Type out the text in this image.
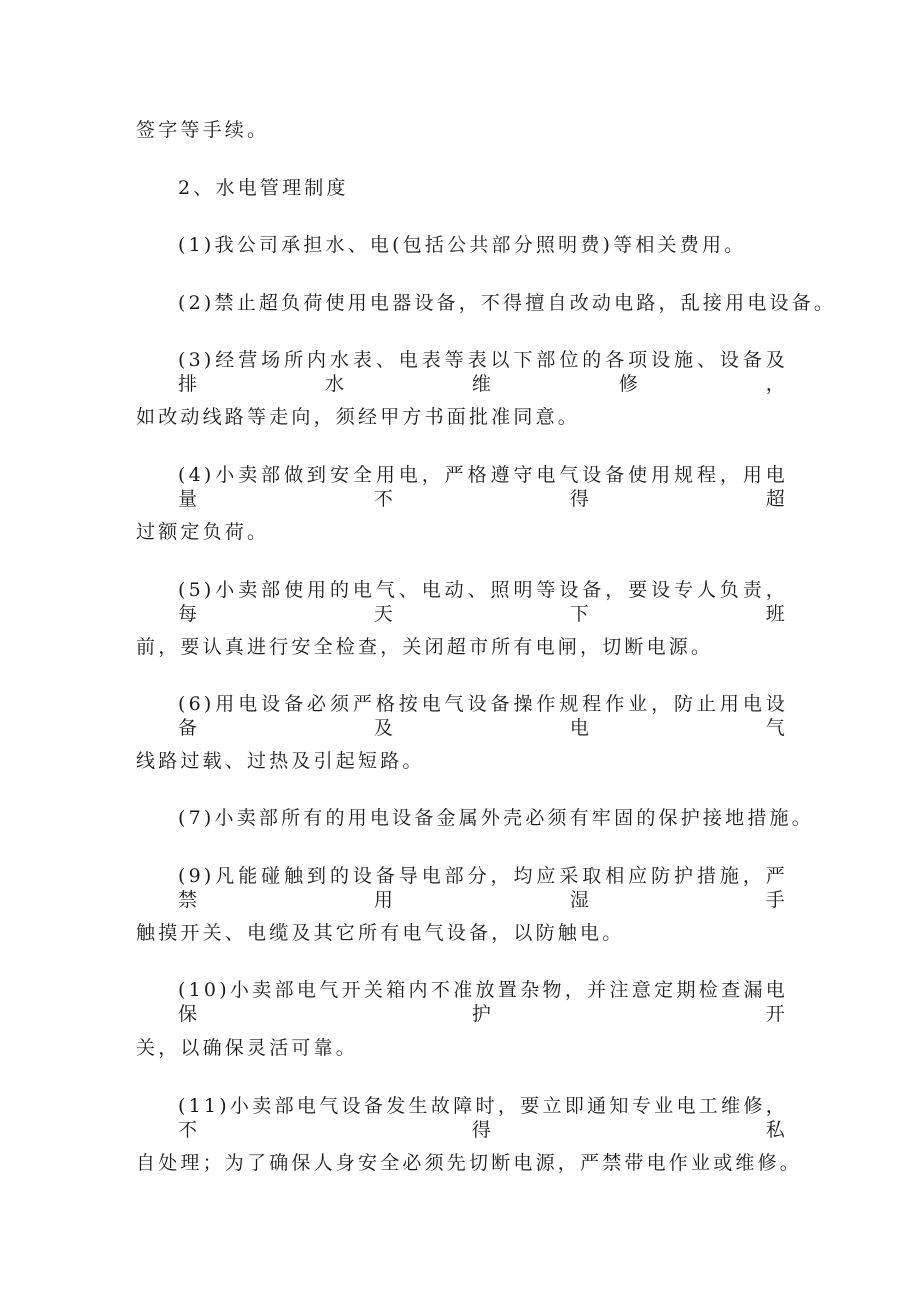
签字等手续。
2、水电管理制度
(1)我公司承担水、电(包括公共部分照明费)等相关费用。
(2)禁止超负荷使用电器设备，不得擅自改动电路，乱接用电设备。
(3)经营场所内水表、电表等表以下部位的各项设施、设备及排水维修，
如改动线路等走向，须经甲方书面批准同意。
(4)小卖部做到安全用电，严格遵守电气设备使用规程，用电量不得超
过额定负荷。
(5)小卖部使用的电气、电动、照明等设备，要设专人负责，每天下班
前，要认真进行安全检查，关闭超市所有电闸，切断电源。
(6)用电设备必须严格按电气设备操作规程作业，防止用电设备及电气
线路过载、过热及引起短路。
(7)小卖部所有的用电设备金属外壳必须有牢固的保护接地措施。
(9)凡能碰触到的设备导电部分，均应采取相应防护措施，严禁用湿手
触摸开关、电缆及其它所有电气设备，以防触电。
(10)小卖部电气开关箱内不准放置杂物，并注意定期检查漏电保护开
关，以确保灵活可靠。
(11)小卖部电气设备发生故障时，要立即通知专业电工维修，不得私
自处理；为了确保人身安全必须先切断电源，严禁带电作业或维修。
